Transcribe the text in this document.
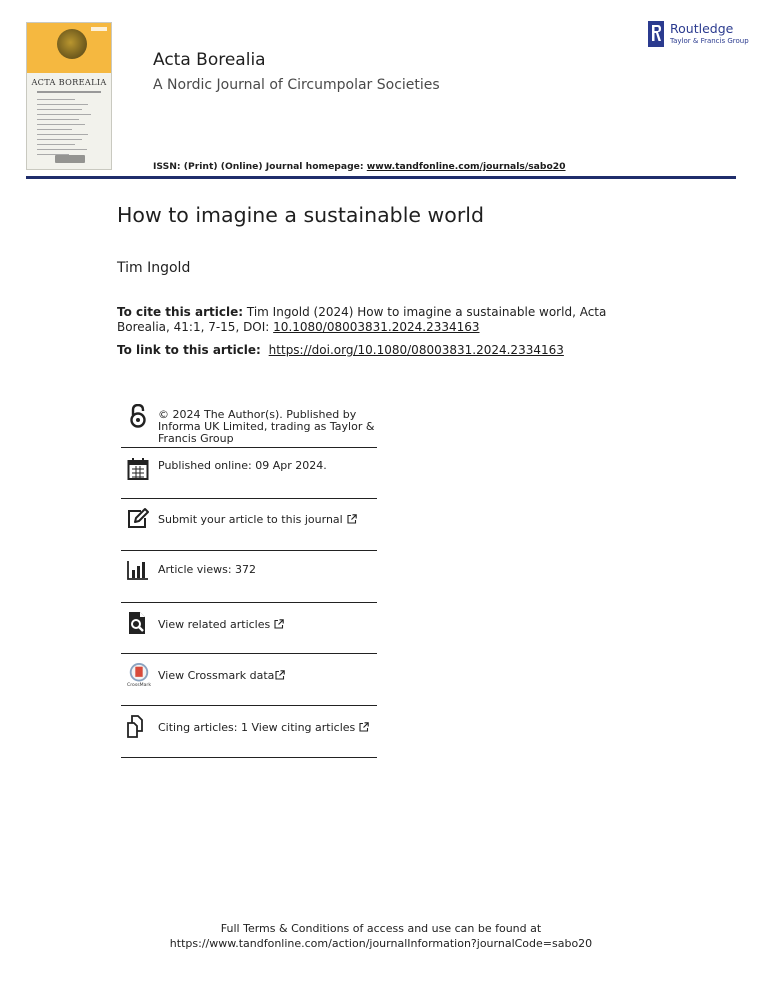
ACTA BOREALIA
Acta Borealia
A Nordic Journal of Circumpolar Societies
ISSN: (Print) (Online) Journal homepage: www.tandfonline.com/journals/sabo20
Routledge
Taylor & Francis Group
How to imagine a sustainable world
Tim Ingold
To cite this article: Tim Ingold (2024) How to imagine a sustainable world, Acta Borealia, 41:1, 7-15, DOI: 10.1080/08003831.2024.2334163
To link to this article: https://doi.org/10.1080/08003831.2024.2334163
© 2024 The Author(s). Published by Informa UK Limited, trading as Taylor & Francis Group
Published online: 09 Apr 2024.
Submit your article to this journal
Article views: 372
View related articles
CrossMark
View Crossmark data
Citing articles: 1 View citing articles
Full Terms & Conditions of access and use can be found at
https://www.tandfonline.com/action/journalInformation?journalCode=sabo20
